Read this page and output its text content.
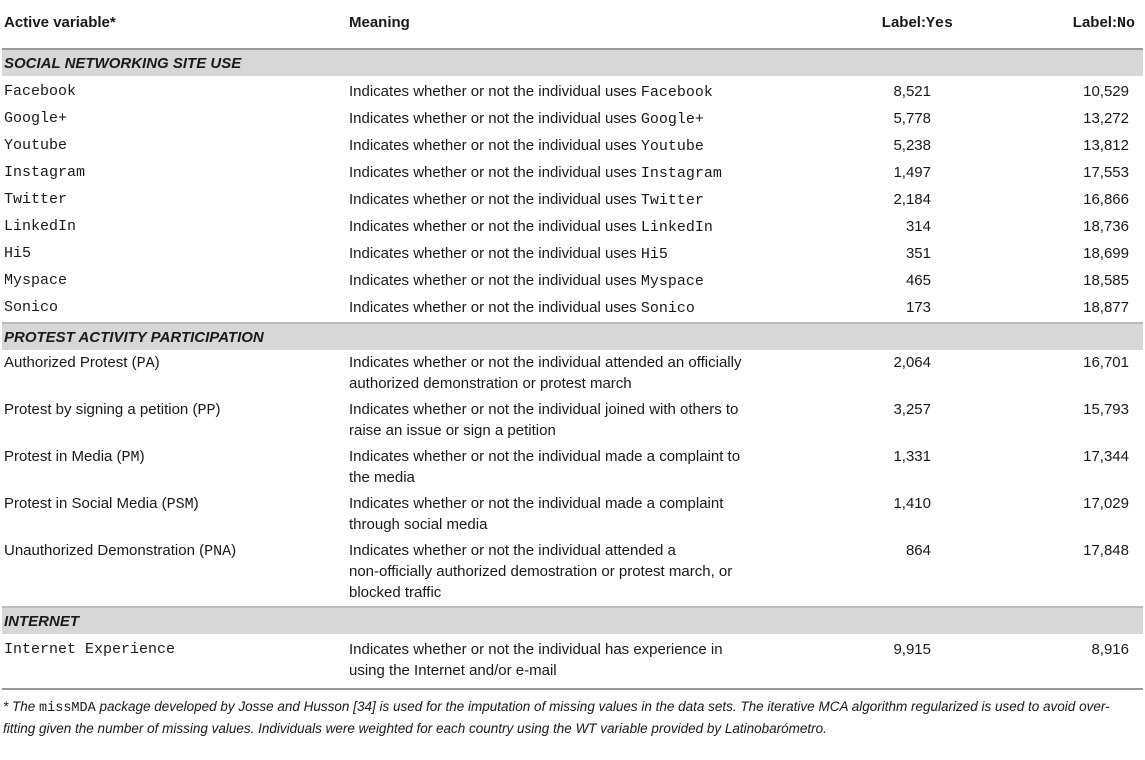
Active variable*	Meaning	Label:Yes	Label:No
SOCIAL NETWORKING SITE USE			

Facebook	Indicates whether or not the individual uses Facebook	8,521	10,529
Google+	Indicates whether or not the individual uses Google+	5,778	13,272
Youtube	Indicates whether or not the individual uses Youtube	5,238	13,812
Instagram	Indicates whether or not the individual uses Instagram	1,497	17,553
Twitter	Indicates whether or not the individual uses Twitter	2,184	16,866
LinkedIn	Indicates whether or not the individual uses LinkedIn	314	18,736
Hi5	Indicates whether or not the individual uses Hi5	351	18,699
Myspace	Indicates whether or not the individual uses Myspace	465	18,585
Sonico	Indicates whether or not the individual uses Sonico	173	18,877
PROTEST ACTIVITY PARTICIPATION			
Authorized Protest (PA)	Indicates whether or not the individual attended an officially
authorized demonstration or protest march	2,064	16,701
Protest by signing a petition (PP)	Indicates whether or not the individual joined with others to
raise an issue or sign a petition	3,257	15,793
Protest in Media (PM)	Indicates whether or not the individual made a complaint to
the media	1,331	17,344
Protest in Social Media (PSM)	Indicates whether or not the individual made a complaint
through social media	1,410	17,029
Unauthorized Demonstration (PNA)	Indicates whether or not the individual attended a
non-officially authorized demostration or protest march, or
blocked traffic	864	17,848
INTERNET			

Internet Experience	Indicates whether or not the individual has experience in
using the Internet and/or e-mail	9,915	8,916
* The missMDA package developed by Josse and Husson [34] is used for the imputation of missing values in the data sets. The iterative MCA algorithm regularized is used to avoid over-fitting given the number of missing values. Individuals were weighted for each country using the WT variable provided by Latinobarómetro.
